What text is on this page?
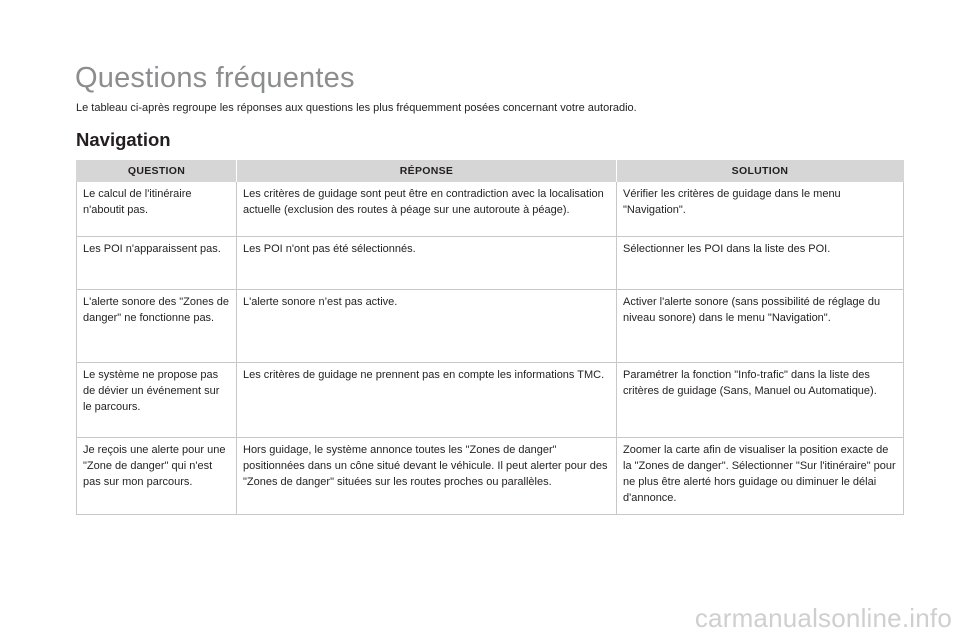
Questions fréquentes

Le tableau ci-après regroupe les réponses aux questions les plus fréquemment posées concernant votre autoradio.

Navigation
QUESTION	RÉPONSE	SOLUTION
Le calcul de l'itinéraire n'aboutit pas.	Les critères de guidage sont peut être en contradiction avec la localisation actuelle (exclusion des routes à péage sur une autoroute à péage).	Vérifier les critères de guidage dans le menu "Navigation".
Les POI n'apparaissent pas.	Les POI n'ont pas été sélectionnés.	Sélectionner les POI dans la liste des POI.
L'alerte sonore des "Zones de danger" ne fonctionne pas.	L'alerte sonore n’est pas active.	Activer l'alerte sonore (sans possibilité de réglage du niveau sonore) dans le menu "Navigation".
Le système ne propose pas de dévier un événement sur le parcours.	Les critères de guidage ne prennent pas en compte les informations TMC.	Paramétrer la fonction "Info-trafic" dans la liste des critères de guidage (Sans, Manuel ou Automatique).
Je reçois une alerte pour une "Zone de danger" qui n'est pas sur mon parcours.	Hors guidage, le système annonce toutes les "Zones de danger" positionnées dans un cône situé devant le véhicule. Il peut alerter pour des "Zones de danger" situées sur les routes proches ou parallèles.	Zoomer la carte afin de visualiser la position exacte de la "Zones de danger". Sélectionner "Sur l'itinéraire" pour ne plus être alerté hors guidage ou diminuer le délai d'annonce.
carmanualsonline.info
